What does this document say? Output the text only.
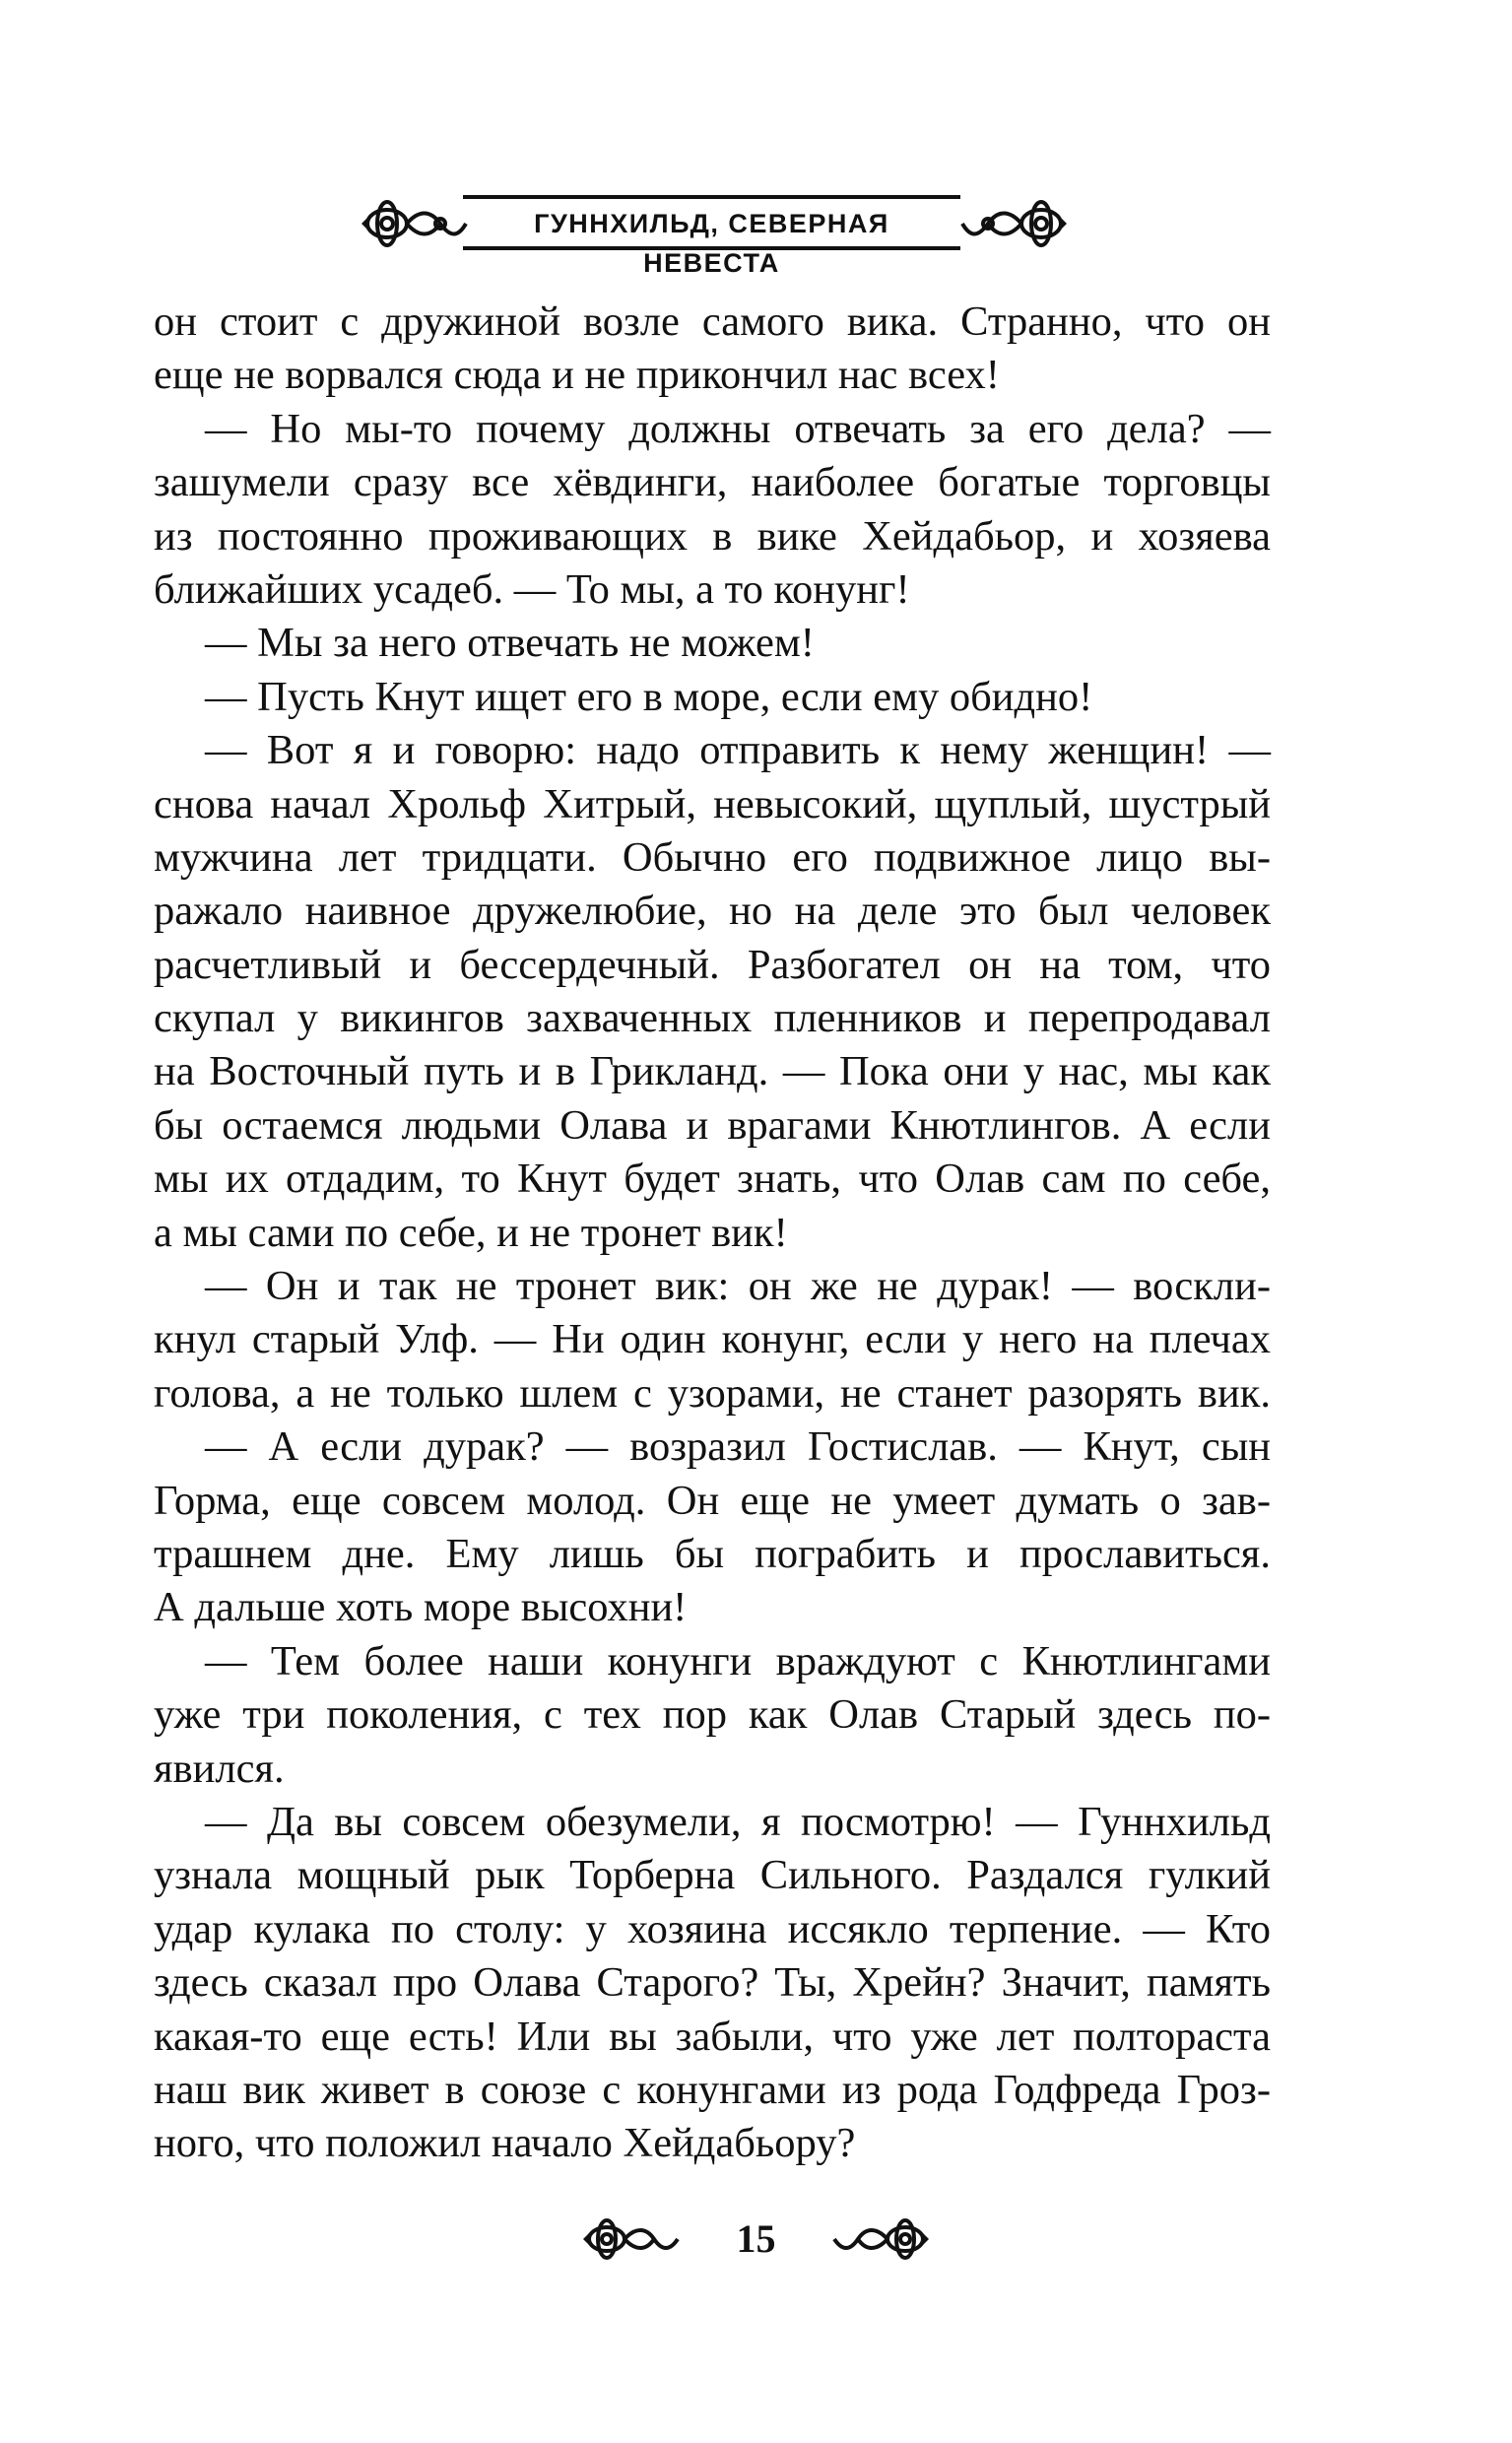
ГУННХИЛЬД, СЕВЕРНАЯ НЕВЕСТА
он стоит с дружиной возле самого вика. Странно, что он
еще не ворвался сюда и не прикончил нас всех!
— Но мы-то почему должны отвечать за его дела? —
зашумели сразу все хёвдинги, наиболее богатые торговцы
из постоянно проживающих в вике Хейдабьор, и хозяева
ближайших усадеб. — То мы, а то конунг!
— Мы за него отвечать не можем!
— Пусть Кнут ищет его в море, если ему обидно!
— Вот я и говорю: надо отправить к нему женщин! —
снова начал Хрольф Хитрый, невысокий, щуплый, шустрый
мужчина лет тридцати. Обычно его подвижное лицо вы-
ражало наивное дружелюбие, но на деле это был человек
расчетливый и бессердечный. Разбогател он на том, что
скупал у викингов захваченных пленников и перепродавал
на Восточный путь и в Грикланд. — Пока они у нас, мы как
бы остаемся людьми Олава и врагами Кнютлингов. А если
мы их отдадим, то Кнут будет знать, что Олав сам по себе,
а мы сами по себе, и не тронет вик!
— Он и так не тронет вик: он же не дурак! — воскли-
кнул старый Улф. — Ни один конунг, если у него на плечах
голова, а не только шлем с узорами, не станет разорять вик.
— А если дурак? — возразил Гостислав. — Кнут, сын
Горма, еще совсем молод. Он еще не умеет думать о зав-
трашнем дне. Ему лишь бы пограбить и прославиться.
А дальше хоть море высохни!
— Тем более наши конунги враждуют с Кнютлингами
уже три поколения, с тех пор как Олав Старый здесь по-
явился.
— Да вы совсем обезумели, я посмотрю! — Гуннхильд
узнала мощный рык Торберна Сильного. Раздался гулкий
удар кулака по столу: у хозяина иссякло терпение. — Кто
здесь сказал про Олава Старого? Ты, Хрейн? Значит, память
какая-то еще есть! Или вы забыли, что уже лет полтораста
наш вик живет в союзе с конунгами из рода Годфреда Гроз-
ного, что положил начало Хейдабьору?
15
